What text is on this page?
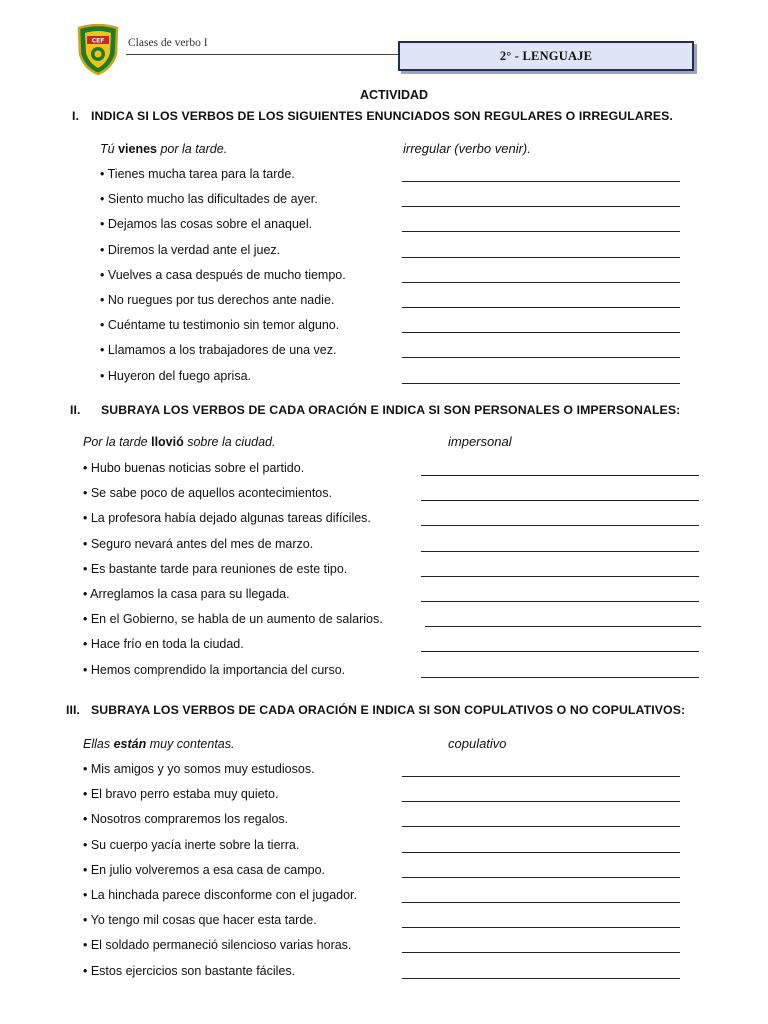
CEF Clases de verbo I
2° - LENGUAJE
ACTIVIDAD
I. INDICA SI LOS VERBOS DE LOS SIGUIENTES ENUNCIADOS SON REGULARES O IRREGULARES.
Tú vienes por la tarde.	irregular (verbo venir).
• Tienes mucha tarea para la tarde.
• Siento mucho las dificultades de ayer.
• Dejamos las cosas sobre el anaquel.
• Diremos la verdad ante el juez.
• Vuelves a casa después de mucho tiempo.
• No ruegues por tus derechos ante nadie.
• Cuéntame tu testimonio sin temor alguno.
• Llamamos a los trabajadores de una vez.
• Huyeron del fuego aprisa.
II. SUBRAYA LOS VERBOS DE CADA ORACIÓN E INDICA SI SON PERSONALES O IMPERSONALES:
Por la tarde llovió sobre la ciudad.	impersonal
• Hubo buenas noticias sobre el partido.
• Se sabe poco de aquellos acontecimientos.
• La profesora había dejado algunas tareas difíciles.
• Seguro nevará antes del mes de marzo.
• Es bastante tarde para reuniones de este tipo.
• Arreglamos la casa para su llegada.
• En el Gobierno, se habla de un aumento de salarios.
• Hace frío en toda la ciudad.
• Hemos comprendido la importancia del curso.
III. SUBRAYA LOS VERBOS DE CADA ORACIÓN E INDICA SI SON COPULATIVOS O NO COPULATIVOS:
Ellas están muy contentas.	copulativo
• Mis amigos y yo somos muy estudiosos.
• El bravo perro estaba muy quieto.
• Nosotros compraremos los regalos.
• Su cuerpo yacía inerte sobre la tierra.
• En julio volveremos a esa casa de campo.
• La hinchada parece disconforme con el jugador.
• Yo tengo mil cosas que hacer esta tarde.
• El soldado permaneció silencioso varias horas.
• Estos ejercicios son bastante fáciles.
